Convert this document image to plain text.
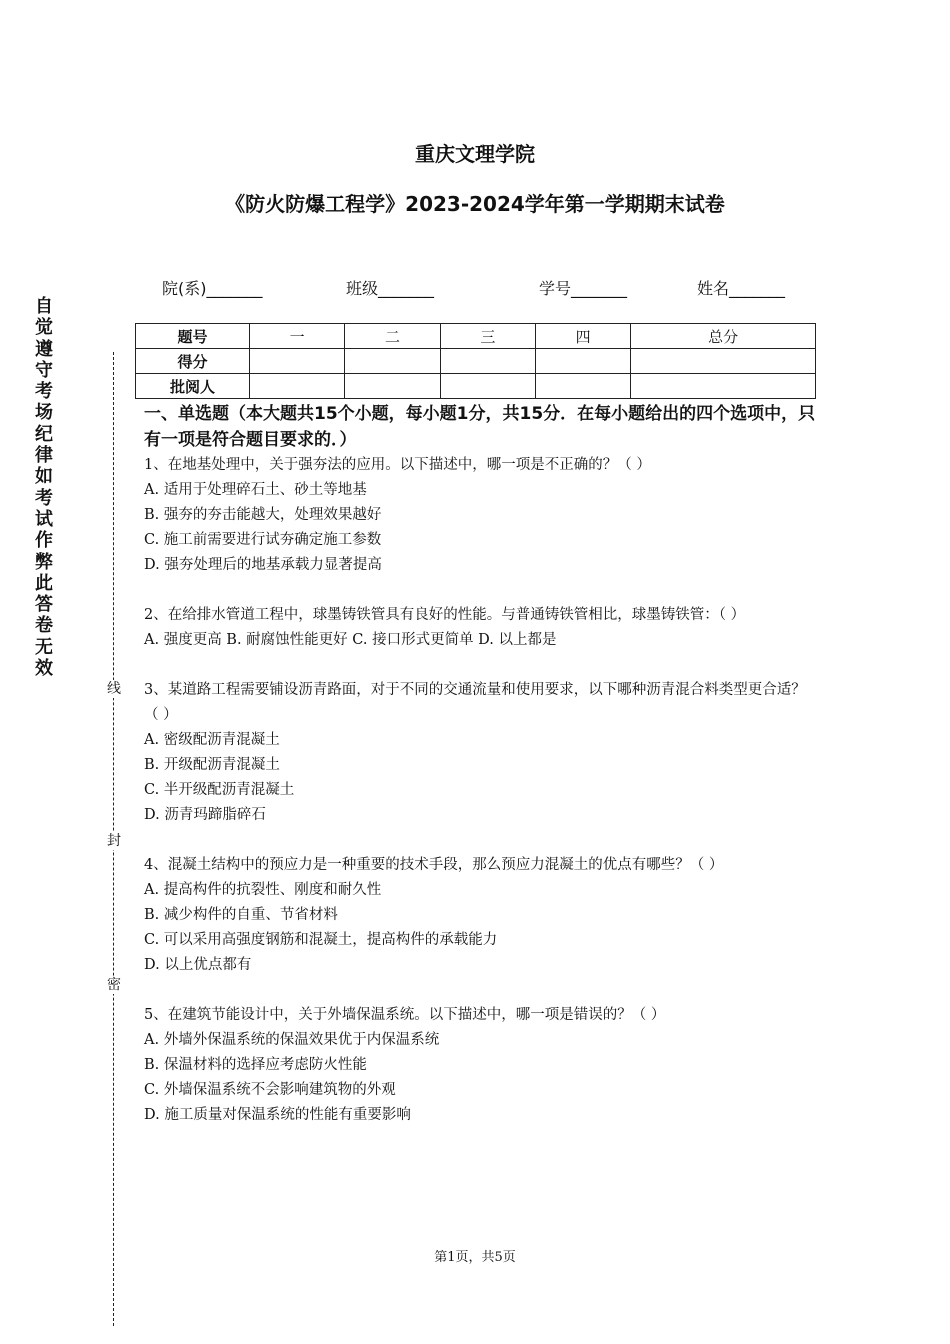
重庆文理学院
《防火防爆工程学》2023-2024学年第一学期期末试卷
自觉遵守考场纪律如考试作弊此答卷无效
线
封
密
院(系)_______	班级_______	学号_______	姓名_______
题号	一	二	三	四	总分
得分					
批阅人					
一、单选题（本大题共15个小题，每小题1分，共15分．在每小题给出的四个选项中，只有一项是符合题目要求的．）
1、在地基处理中，关于强夯法的应用。以下描述中，哪一项是不正确的？（ ）
A. 适用于处理碎石土、砂土等地基
B. 强夯的夯击能越大，处理效果越好
C. 施工前需要进行试夯确定施工参数
D. 强夯处理后的地基承载力显著提高
2、在给排水管道工程中，球墨铸铁管具有良好的性能。与普通铸铁管相比，球墨铸铁管：（ ）
A. 强度更高 B. 耐腐蚀性能更好 C. 接口形式更简单 D. 以上都是
3、某道路工程需要铺设沥青路面，对于不同的交通流量和使用要求，以下哪种沥青混合料类型更合适？（ ）
A. 密级配沥青混凝土
B. 开级配沥青混凝土
C. 半开级配沥青混凝土
D. 沥青玛蹄脂碎石
4、混凝土结构中的预应力是一种重要的技术手段，那么预应力混凝土的优点有哪些？（ ）
A. 提高构件的抗裂性、刚度和耐久性
B. 减少构件的自重、节省材料
C. 可以采用高强度钢筋和混凝土，提高构件的承载能力
D. 以上优点都有
5、在建筑节能设计中，关于外墙保温系统。以下描述中，哪一项是错误的？（ ）
A. 外墙外保温系统的保温效果优于内保温系统
B. 保温材料的选择应考虑防火性能
C. 外墙保温系统不会影响建筑物的外观
D. 施工质量对保温系统的性能有重要影响
第1页，共5页
